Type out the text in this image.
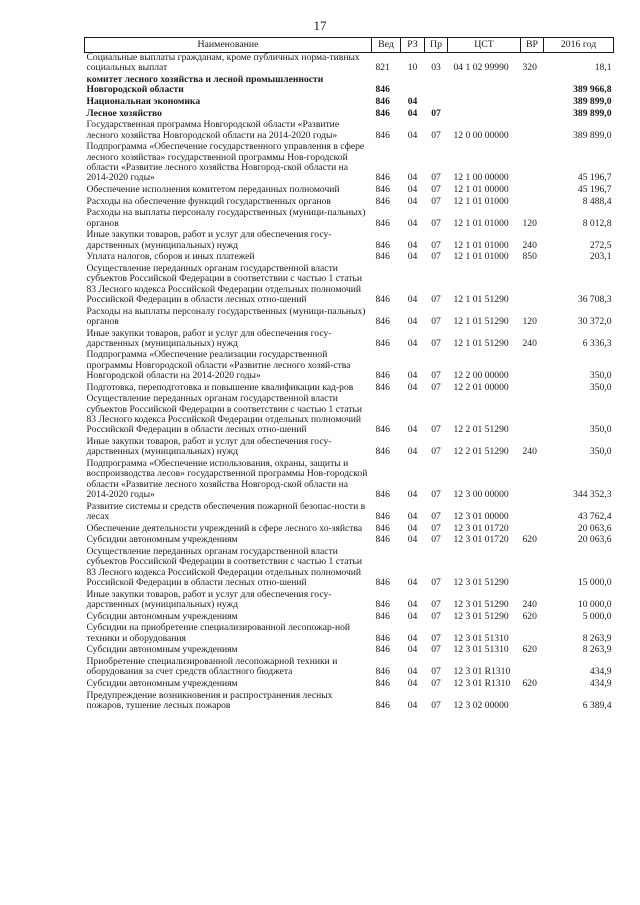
17
Наименование	Вед	РЗ	Пр	ЦСТ	ВР	2016 год
Социальные выплаты гражданам, кроме публичных норма-тивных социальных выплат	821	10	03	04 1 02 99990	320	18,1
комитет лесного хозяйства и лесной промышленности Новгородской области	846					389 966,8
Национальная экономика	846	04				389 899,0
Лесное хозяйство	846	04	07			389 899,0
Государственная программа Новгородской области «Развитие лесного хозяйства Новгородской области на 2014-2020 годы»	846	04	07	12 0 00 00000		389 899,0
Подпрограмма «Обеспечение государственного управления в сфере лесного хозяйства» государственной программы Нов-городской области «Развитие лесного хозяйства Новгород-ской области на 2014-2020 годы»	846	04	07	12 1 00 00000		45 196,7
Обеспечение исполнения комитетом переданных полномочий	846	04	07	12 1 01 00000		45 196,7
Расходы на обеспечение функций государственных органов	846	04	07	12 1 01 01000		8 488,4
Расходы на выплаты персоналу государственных (муници-пальных) органов	846	04	07	12 1 01 01000	120	8 012,8
Иные закупки товаров, работ и услуг для обеспечения госу-дарственных (муниципальных) нужд	846	04	07	12 1 01 01000	240	272,5
Уплата налогов, сборов и иных платежей	846	04	07	12 1 01 01000	850	203,1
Осуществление переданных органам государственной власти субъектов Российской Федерации в соответствии с частью 1 статьи 83 Лесного кодекса Российской Федерации отдельных полномочий Российской Федерации в области лесных отно-шений	846	04	07	12 1 01 51290		36 708,3
Расходы на выплаты персоналу государственных (муници-пальных) органов	846	04	07	12 1 01 51290	120	30 372,0
Иные закупки товаров, работ и услуг для обеспечения госу-дарственных (муниципальных) нужд	846	04	07	12 1 01 51290	240	6 336,3
Подпрограмма «Обеспечение реализации государственной программы Новгородской области «Развитие лесного хозяй-ства Новгородской области на 2014-2020 годы»	846	04	07	12 2 00 00000		350,0
Подготовка, переподготовка и повышение квалификации кад-ров	846	04	07	12 2 01 00000		350,0
Осуществление переданных органам государственной власти субъектов Российской Федерации в соответствии с частью 1 статьи 83 Лесного кодекса Российской Федерации отдельных полномочий Российской Федерации в области лесных отно-шений	846	04	07	12 2 01 51290		350,0
Иные закупки товаров, работ и услуг для обеспечения госу-дарственных (муниципальных) нужд	846	04	07	12 2 01 51290	240	350,0
Подпрограмма «Обеспечение использования, охраны, защиты и воспроизводства лесов» государственной программы Нов-городской области «Развитие лесного хозяйства Новгород-ской области на 2014-2020 годы»	846	04	07	12 3 00 00000		344 352,3
Развитие системы и средств обеспечения пожарной безопас-ности в лесах	846	04	07	12 3 01 00000		43 762,4
Обеспечение деятельности учреждений в сфере лесного хо-зяйства	846	04	07	12 3 01 01720		20 063,6
Субсидии автономным учреждениям	846	04	07	12 3 01 01720	620	20 063,6
Осуществление переданных органам государственной власти субъектов Российской Федерации в соответствии с частью 1 статьи 83 Лесного кодекса Российской Федерации отдельных полномочий Российской Федерации в области лесных отно-шений	846	04	07	12 3 01 51290		15 000,0
Иные закупки товаров, работ и услуг для обеспечения госу-дарственных (муниципальных) нужд	846	04	07	12 3 01 51290	240	10 000,0
Субсидии автономным учреждениям	846	04	07	12 3 01 51290	620	5 000,0
Субсидии на приобретение специализированной лесопожар-ной техники и оборудования	846	04	07	12 3 01 51310		8 263,9
Субсидии автономным учреждениям	846	04	07	12 3 01 51310	620	8 263,9
Приобретение специализированной лесопожарной техники и оборудования за счет средств областного бюджета	846	04	07	12 3 01 R1310		434,9
Субсидии автономным учреждениям	846	04	07	12 3 01 R1310	620	434,9
Предупреждение возникновения и распространения лесных пожаров, тушение лесных пожаров	846	04	07	12 3 02 00000		6 389,4
